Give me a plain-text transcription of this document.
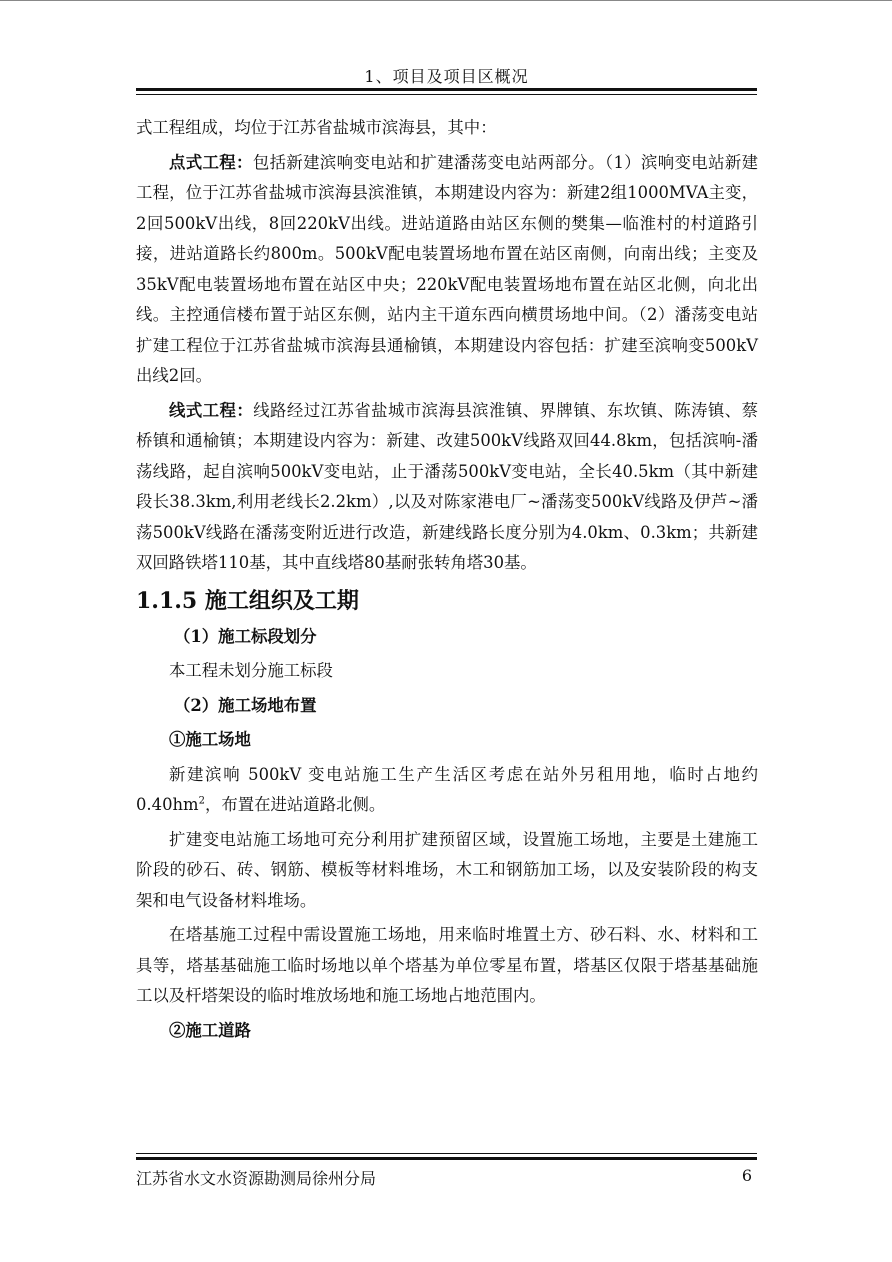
1、项目及项目区概况

式工程组成，均位于江苏省盐城市滨海县，其中：

点式工程：包括新建滨响变电站和扩建潘荡变电站两部分。（1）滨响变电站新建工程，位于江苏省盐城市滨海县滨淮镇，本期建设内容为：新建2组1000MVA主变，2回500kV出线，8回220kV出线。进站道路由站区东侧的樊集—临淮村的村道路引接，进站道路长约800m。500kV配电装置场地布置在站区南侧，向南出线；主变及35kV配电装置场地布置在站区中央；220kV配电装置场地布置在站区北侧，向北出线。主控通信楼布置于站区东侧，站内主干道东西向横贯场地中间。（2）潘荡变电站扩建工程位于江苏省盐城市滨海县通榆镇，本期建设内容包括：扩建至滨响变500kV出线2回。

线式工程：线路经过江苏省盐城市滨海县滨淮镇、界牌镇、东坎镇、陈涛镇、蔡桥镇和通榆镇；本期建设内容为：新建、改建500kV线路双回44.8km，包括滨响-潘荡线路，起自滨响500kV变电站，止于潘荡500kV变电站，全长40.5km（其中新建段长38.3km,利用老线长2.2km）,以及对陈家港电厂~潘荡变500kV线路及伊芦~潘荡500kV线路在潘荡变附近进行改造，新建线路长度分别为4.0km、0.3km；共新建双回路铁塔110基，其中直线塔80基耐张转角塔30基。

1.1.5 施工组织及工期

（1）施工标段划分

本工程未划分施工标段

（2）施工场地布置

①施工场地

新建滨响 500kV 变电站施工生产生活区考虑在站外另租用地，临时占地约$0.40hm^2$，布置在进站道路北侧。

扩建变电站施工场地可充分利用扩建预留区域，设置施工场地，主要是土建施工阶段的砂石、砖、钢筋、模板等材料堆场，木工和钢筋加工场，以及安装阶段的构支架和电气设备材料堆场。

在塔基施工过程中需设置施工场地，用来临时堆置土方、砂石料、水、材料和工具等，塔基基础施工临时场地以单个塔基为单位零星布置，塔基区仅限于塔基基础施工以及杆塔架设的临时堆放场地和施工场地占地范围内。

②施工道路

江苏省水文水资源勘测局徐州分局	6
